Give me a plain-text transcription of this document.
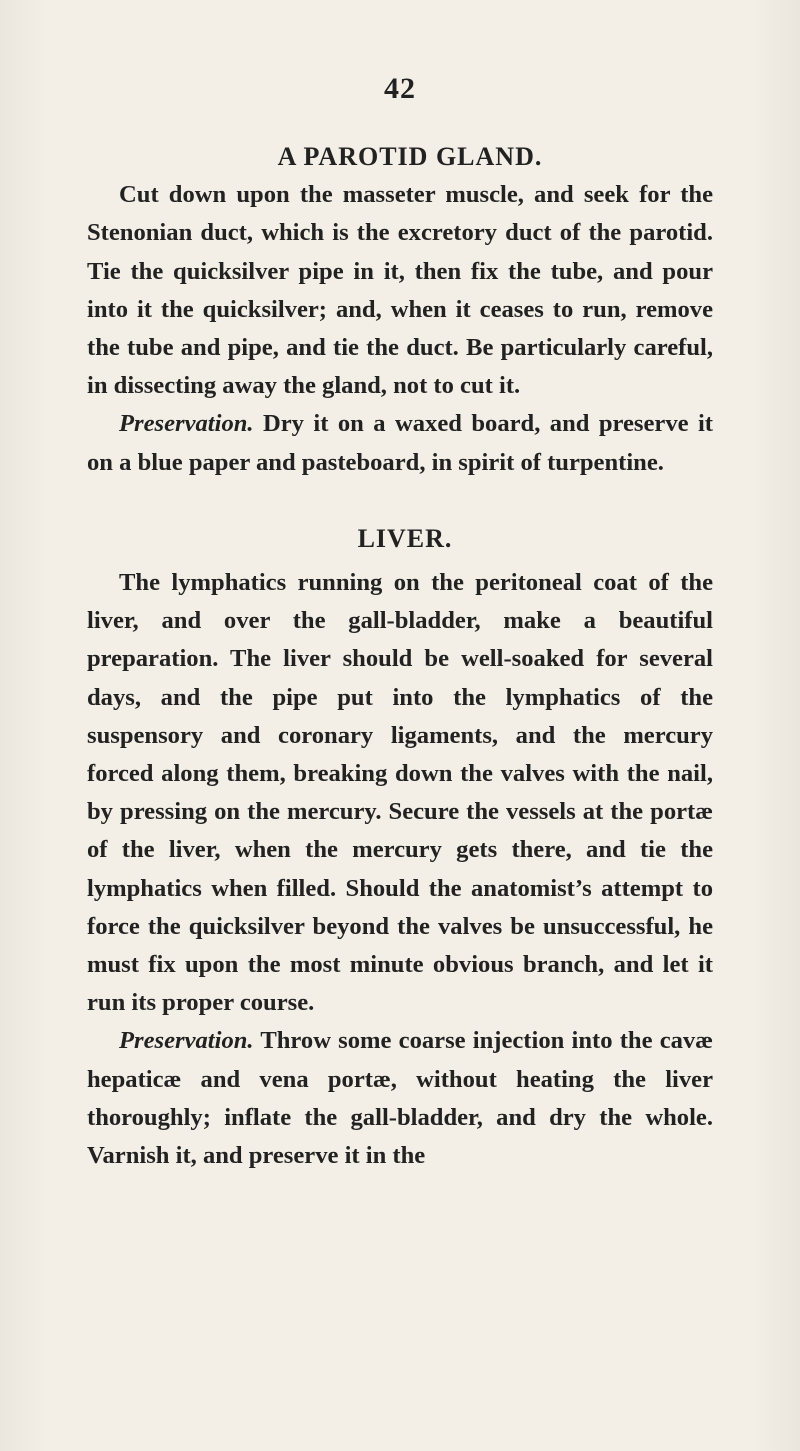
42
A PAROTID GLAND.

Cut down upon the masseter muscle, and seek for the Stenonian duct, which is the excretory duct of the parotid. Tie the quicksilver pipe in it, then fix the tube, and pour into it the quicksilver; and, when it ceases to run, remove the tube and pipe, and tie the duct. Be particularly careful, in dissecting away the gland, not to cut it.

Preservation. Dry it on a waxed board, and preserve it on a blue paper and pasteboard, in spirit of turpentine.

LIVER.

The lymphatics running on the peritoneal coat of the liver, and over the gall-bladder, make a beautiful preparation. The liver should be well-soaked for several days, and the pipe put into the lymphatics of the suspensory and coronary ligaments, and the mercury forced along them, breaking down the valves with the nail, by pressing on the mercury. Secure the vessels at the portæ of the liver, when the mercury gets there, and tie the lymphatics when filled. Should the anatomist’s attempt to force the quicksilver beyond the valves be unsuccessful, he must fix upon the most minute obvious branch, and let it run its proper course.

Preservation. Throw some coarse injection into the cavæ hepaticæ and vena portæ, without heating the liver thoroughly; inflate the gall-bladder, and dry the whole. Varnish it, and preserve it in the
